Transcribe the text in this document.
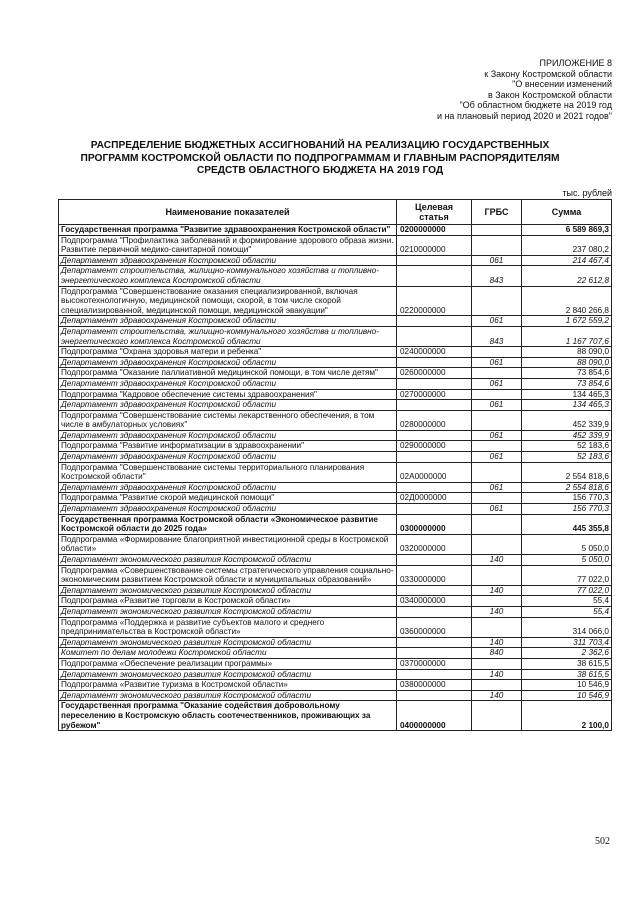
ПРИЛОЖЕНИЕ 8
к Закону Костромской области
"О внесении изменений
в Закон Костромской области
"Об областном бюджете на 2019 год
и на плановый период 2020 и 2021 годов"
РАСПРЕДЕЛЕНИЕ БЮДЖЕТНЫХ АССИГНОВАНИЙ НА РЕАЛИЗАЦИЮ ГОСУДАРСТВЕННЫХ
ПРОГРАММ КОСТРОМСКОЙ ОБЛАСТИ ПО ПОДПРОГРАММАМ И ГЛАВНЫМ РАСПОРЯДИТЕЛЯМ
СРЕДСТВ ОБЛАСТНОГО БЮДЖЕТА НА 2019 ГОД
тыс. рублей
Наименование показателей	Целевая статья	ГРБС	Сумма
Государственная программа "Развитие здравоохранения Костромской области"	0200000000		6 589 869,3
Подпрограмма "Профилактика заболеваний и формирование здорового образа жизни. Развитие первичной медико-санитарной помощи"	0210000000		237 080,2
Департамент здравоохранения Костромской области		061	214 467,4
Департамент строительства, жилищно-коммунального хозяйства и топливно-энергетического комплекса Костромской области		843	22 612,8
Подпрограмма "Совершенствование оказания специализированной, включая высокотехнологичную, медицинской помощи, скорой, в том числе скорой специализированной, медицинской помощи, медицинской эвакуации"	0220000000		2 840 266,8
Департамент здравоохранения Костромской области		061	1 672 559,2
Департамент строительства, жилищно-коммунального хозяйства и топливно-энергетического комплекса Костромской области		843	1 167 707,6
Подпрограмма "Охрана здоровья матери и ребенка"	0240000000		88 090,0
Департамент здравоохранения Костромской области		061	88 090,0
Подпрограмма "Оказание паллиативной медицинской помощи, в том числе детям"	0260000000		73 854,6
Департамент здравоохранения Костромской области		061	73 854,6
Подпрограмма "Кадровое обеспечение системы здравоохранения"	0270000000		134 465,3
Департамент здравоохранения Костромской области		061	134 465,3
Подпрограмма "Совершенствование системы лекарственного обеспечения, в том числе в амбулаторных условиях"	0280000000		452 339,9
Департамент здравоохранения Костромской области		061	452 339,9
Подпрограмма "Развитие информатизации в здравоохранении"	0290000000		52 183,6
Департамент здравоохранения Костромской области		061	52 183,6
Подпрограмма "Совершенствование системы территориального планирования Костромской области"	02А0000000		2 554 818,6
Департамент здравоохранения Костромской области		061	2 554 818,6
Подпрограмма "Развитие скорой медицинской помощи"	02Д0000000		156 770,3
Департамент здравоохранения Костромской области		061	156 770,3
Государственная программа Костромской области «Экономическое развитие Костромской области до 2025 года»	0300000000		445 355,8
Подпрограмма «Формирование благоприятной инвестиционной среды в Костромской области»	0320000000		5 050,0
Департамент экономического развития Костромской области		140	5 050,0
Подпрограмма «Совершенствование системы стратегического управления социально-экономическим развитием Костромской области и муниципальных образований»	0330000000		77 022,0
Департамент экономического развития Костромской области		140	77 022,0
Подпрограмма «Развитие торговли в Костромской области»	0340000000		55,4
Департамент экономического развития Костромской области		140	55,4
Подпрограмма «Поддержка и развитие субъектов малого и среднего предпринимательства в Костромской области»	0360000000		314 066,0
Департамент экономического развития Костромской области		140	311 703,4
Комитет по делам молодежи Костромской области		840	2 362,6
Подпрограмма «Обеспечение реализации программы»	0370000000		38 615,5
Департамент экономического развития Костромской области		140	38 615,5
Подпрограмма «Развитие туризма в Костромской области»	0380000000		10 546,9
Департамент экономического развития Костромской области		140	10 546,9
Государственная программа "Оказание содействия добровольному переселению в Костромскую область соотечественников, проживающих за рубежом"	0400000000		2 100,0
502
